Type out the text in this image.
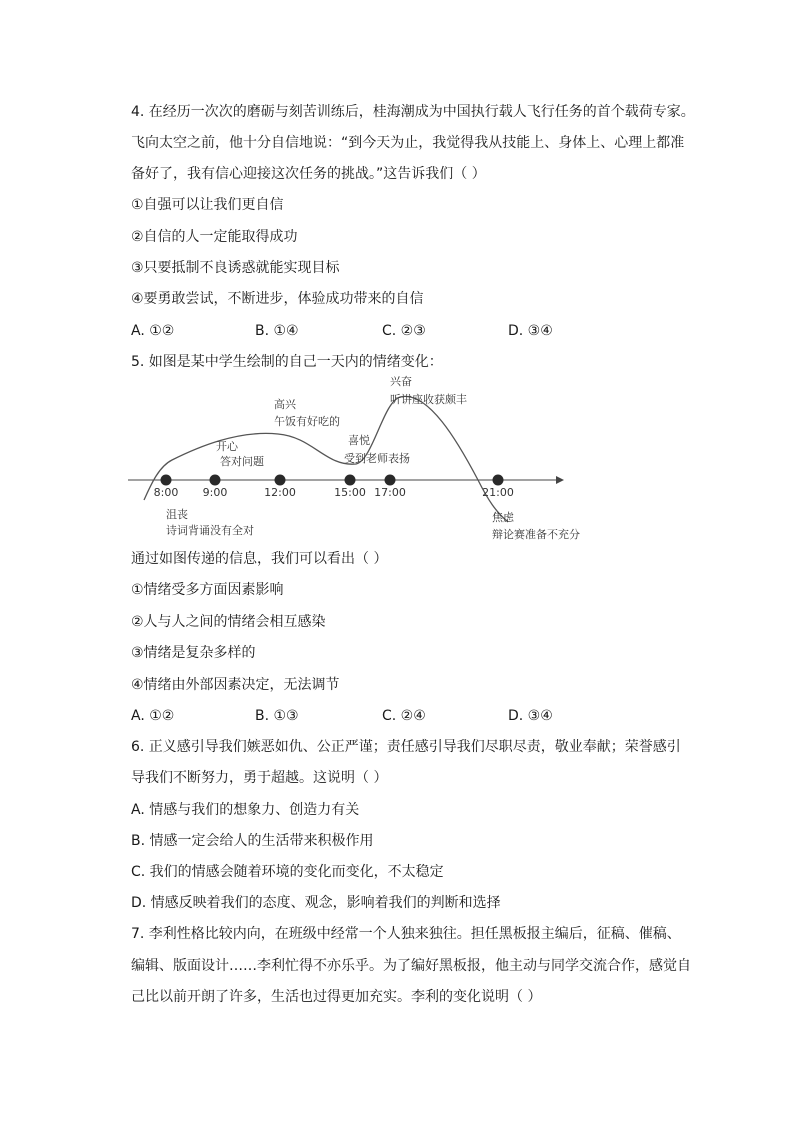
4. 在经历一次次的磨砺与刻苦训练后，桂海潮成为中国执行载人飞行任务的首个载荷专家。
飞向太空之前，他十分自信地说：“到今天为止，我觉得我从技能上、身体上、心理上都准
备好了，我有信心迎接这次任务的挑战。”这告诉我们（ ）
①自强可以让我们更自信
②自信的人一定能取得成功
③只要抵制不良诱惑就能实现目标
④要勇敢尝试，不断进步，体验成功带来的自信
A. ①②	B. ①④	C. ②③	D. ③④
5. 如图是某中学生绘制的自己一天内的情绪变化：
8:00 9:00	12:00	15:00 17:00	21:00
沮丧
诗词背诵没有全对
开心
答对问题
高兴
午饭有好吃的
喜悦
受到老师表扬
兴奋
听讲座收获颇丰
焦虑
辩论赛准备不充分
通过如图传递的信息，我们可以看出（ ）
①情绪受多方面因素影响
②人与人之间的情绪会相互感染
③情绪是复杂多样的
④情绪由外部因素决定，无法调节
A. ①②	B. ①③	C. ②④	D. ③④
6. 正义感引导我们嫉恶如仇、公正严谨；责任感引导我们尽职尽责，敬业奉献；荣誉感引
导我们不断努力，勇于超越。这说明（ ）
A. 情感与我们的想象力、创造力有关
B. 情感一定会给人的生活带来积极作用
C. 我们的情感会随着环境的变化而变化，不太稳定
D. 情感反映着我们的态度、观念，影响着我们的判断和选择
7. 李利性格比较内向，在班级中经常一个人独来独往。担任黑板报主编后，征稿、催稿、
编辑、版面设计……李利忙得不亦乐乎。为了编好黑板报，他主动与同学交流合作，感觉自
己比以前开朗了许多，生活也过得更加充实。李利的变化说明（ ）
